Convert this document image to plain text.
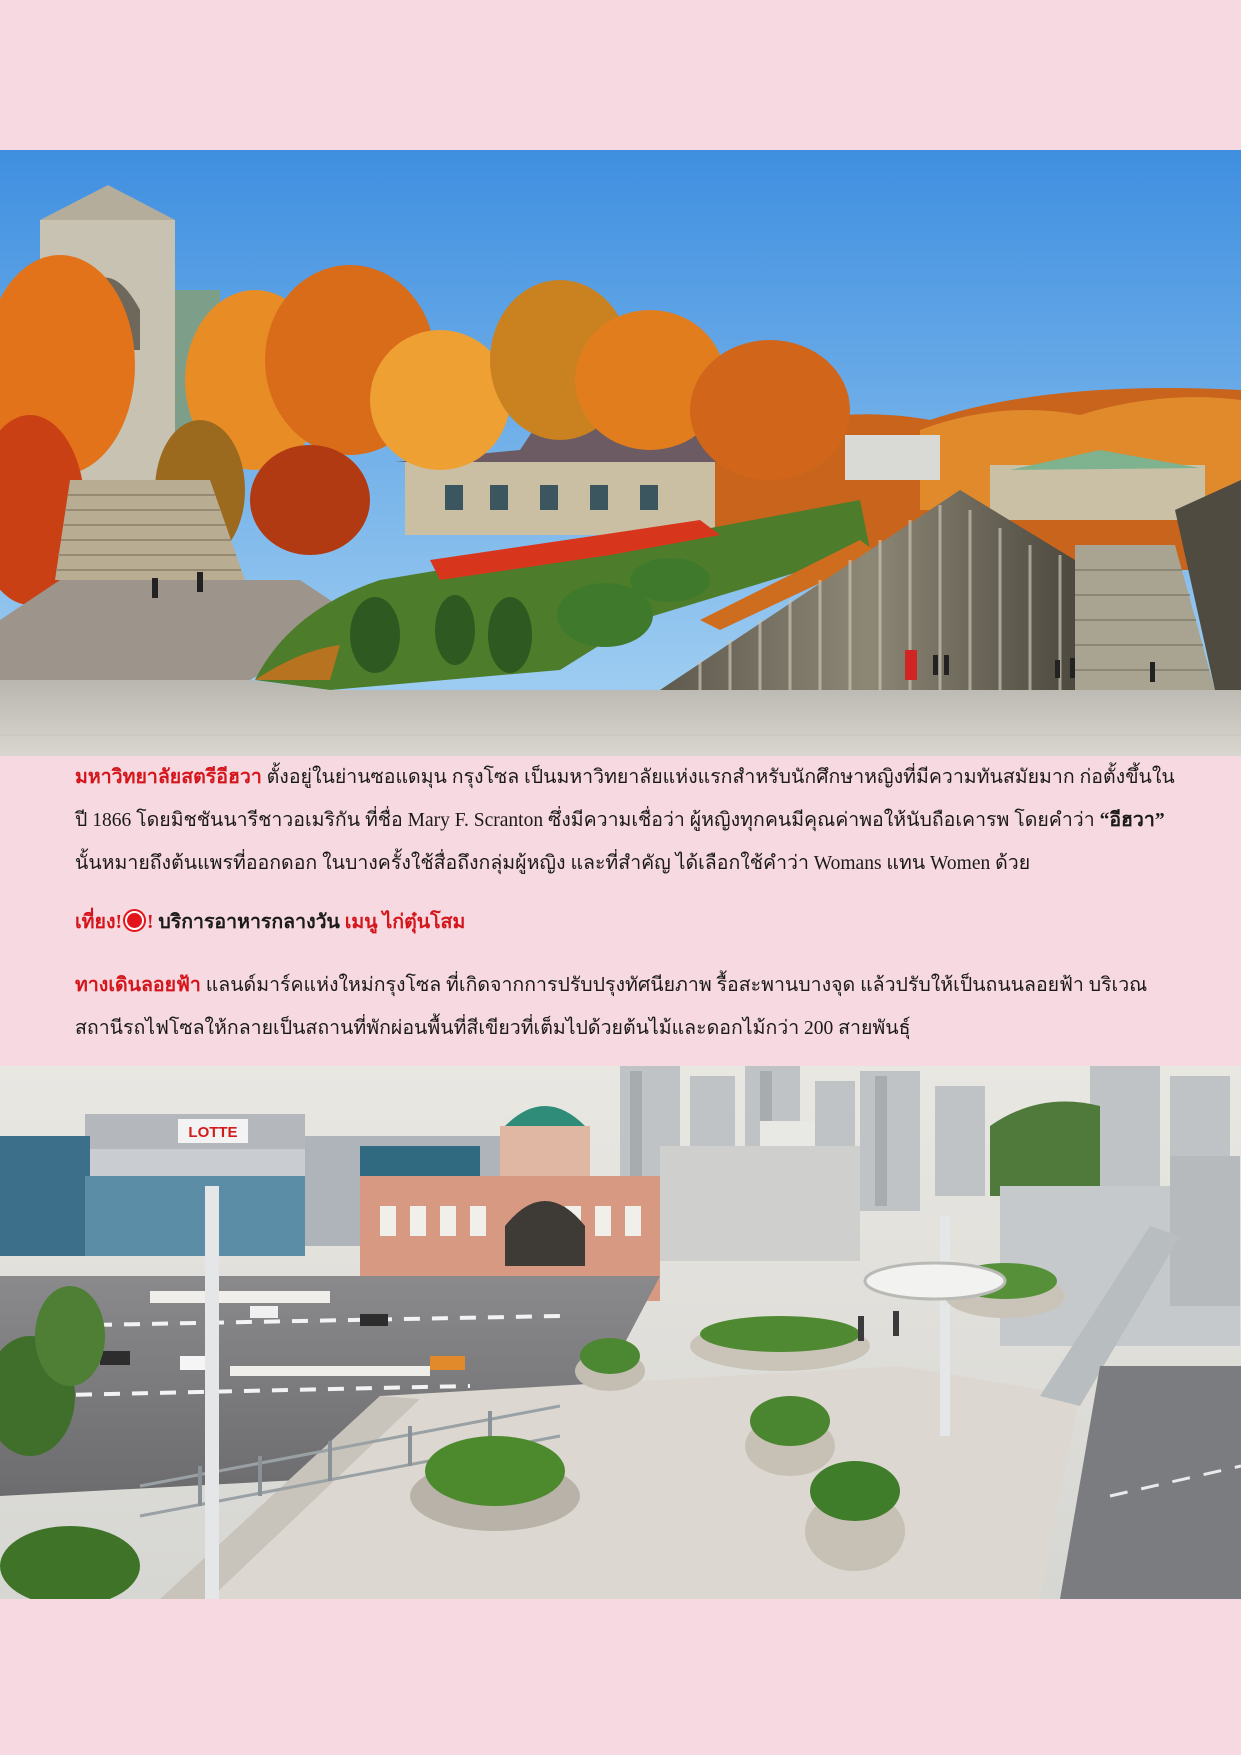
มหาวิทยาลัยสตรีอีฮวา ตั้งอยู่ในย่านซอแดมุน กรุงโซล เป็นมหาวิทยาลัยแห่งแรกสำหรับนักศึกษาหญิงที่มีความทันสมัยมาก ก่อตั้งขึ้นในปี 1866 โดยมิชชันนารีชาวอเมริกัน ที่ชื่อ Mary F. Scranton ซึ่งมีความเชื่อว่า ผู้หญิงทุกคนมีคุณค่าพอให้นับถือเคารพ โดยคำว่า “อีฮวา” นั้นหมายถึงต้นแพรที่ออกดอก ในบางครั้งใช้สื่อถึงกลุ่มผู้หญิง และที่สำคัญ ได้เลือกใช้คำว่า Womans แทน Women ด้วย
เที่ยง! ! บริการอาหารกลางวัน เมนู ไก่ตุ๋นโสม
ทางเดินลอยฟ้า แลนด์มาร์คแห่งใหม่กรุงโซล ที่เกิดจากการปรับปรุงทัศนียภาพ รื้อสะพานบางจุด แล้วปรับให้เป็นถนนลอยฟ้า บริเวณสถานีรถไฟโซลให้กลายเป็นสถานที่พักผ่อนพื้นที่สีเขียวที่เต็มไปด้วยต้นไม้และดอกไม้กว่า 200 สายพันธุ์
LOTTE
